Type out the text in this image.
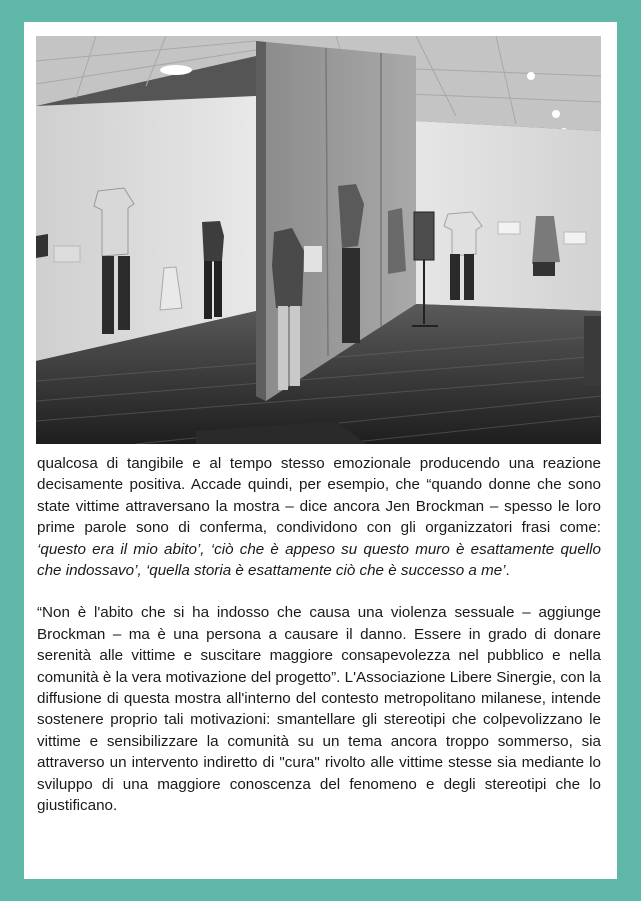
qualcosa di tangibile e al tempo stesso emozionale producendo una reazione decisamente positiva. Accade quindi, per esempio, che “quando donne che sono state vittime attraversano la mostra – dice ancora Jen Brockman – spesso le loro prime parole sono di conferma, condividono con gli organizzatori frasi come: ‘questo era il mio abito’, ‘ciò che è appeso su questo muro è esattamente quello che indossavo’, ‘quella storia è esattamente ciò che è successo a me’.

“Non è l'abito che si ha indosso che causa una violenza sessuale – aggiunge Brockman – ma è una persona a causare il danno. Essere in grado di donare serenità alle vittime e suscitare maggiore consapevolezza nel pubblico e nella comunità è la vera motivazione del progetto”. L'Associazione Libere Sinergie, con la diffusione di questa mostra all'interno del contesto metropolitano milanese, intende sostenere proprio tali motivazioni: smantellare gli stereotipi che colpevolizzano le vittime e sensibilizzare la comunità su un tema ancora troppo sommerso, sia attraverso un intervento indiretto di "cura" rivolto alle vittime stesse sia mediante lo sviluppo di una maggiore conoscenza del fenomeno e degli stereotipi che lo giustificano.
